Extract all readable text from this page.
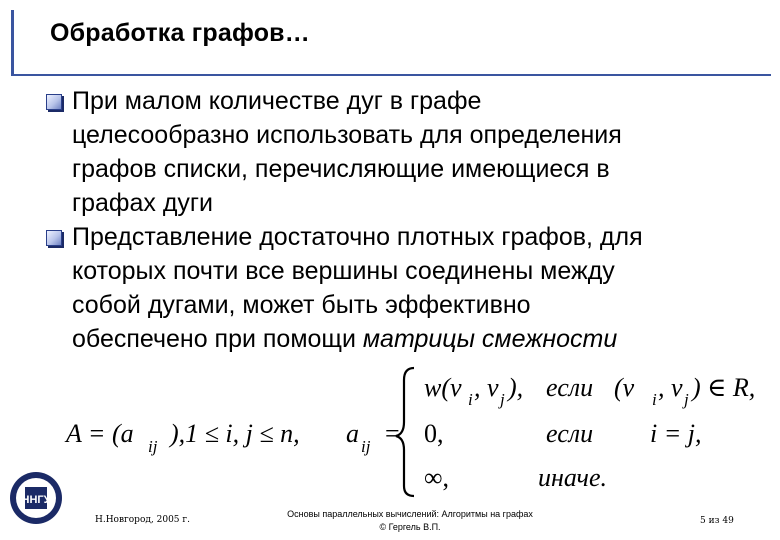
Обработка графов…
При малом количестве дуг в графе
целесообразно использовать для определения
графов списки, перечисляющие имеющиеся в
графах дуги
Представление достаточно плотных графов, для
которых почти все вершины соединены между
собой дугами, может быть эффективно
обеспечено при помощи матрицы смежности
A = (a ij ),1 ≤ i, j ≤ n, a ij =
w(v i , v j ), если (v i , v j ) ∈ R,
0,	если i = j,
∞,	иначе.
ННГУ
Н.Новгород, 2005 г.
Основы параллельных вычислений: Алгоритмы на графах
© Гергель В.П.
5 из 49
